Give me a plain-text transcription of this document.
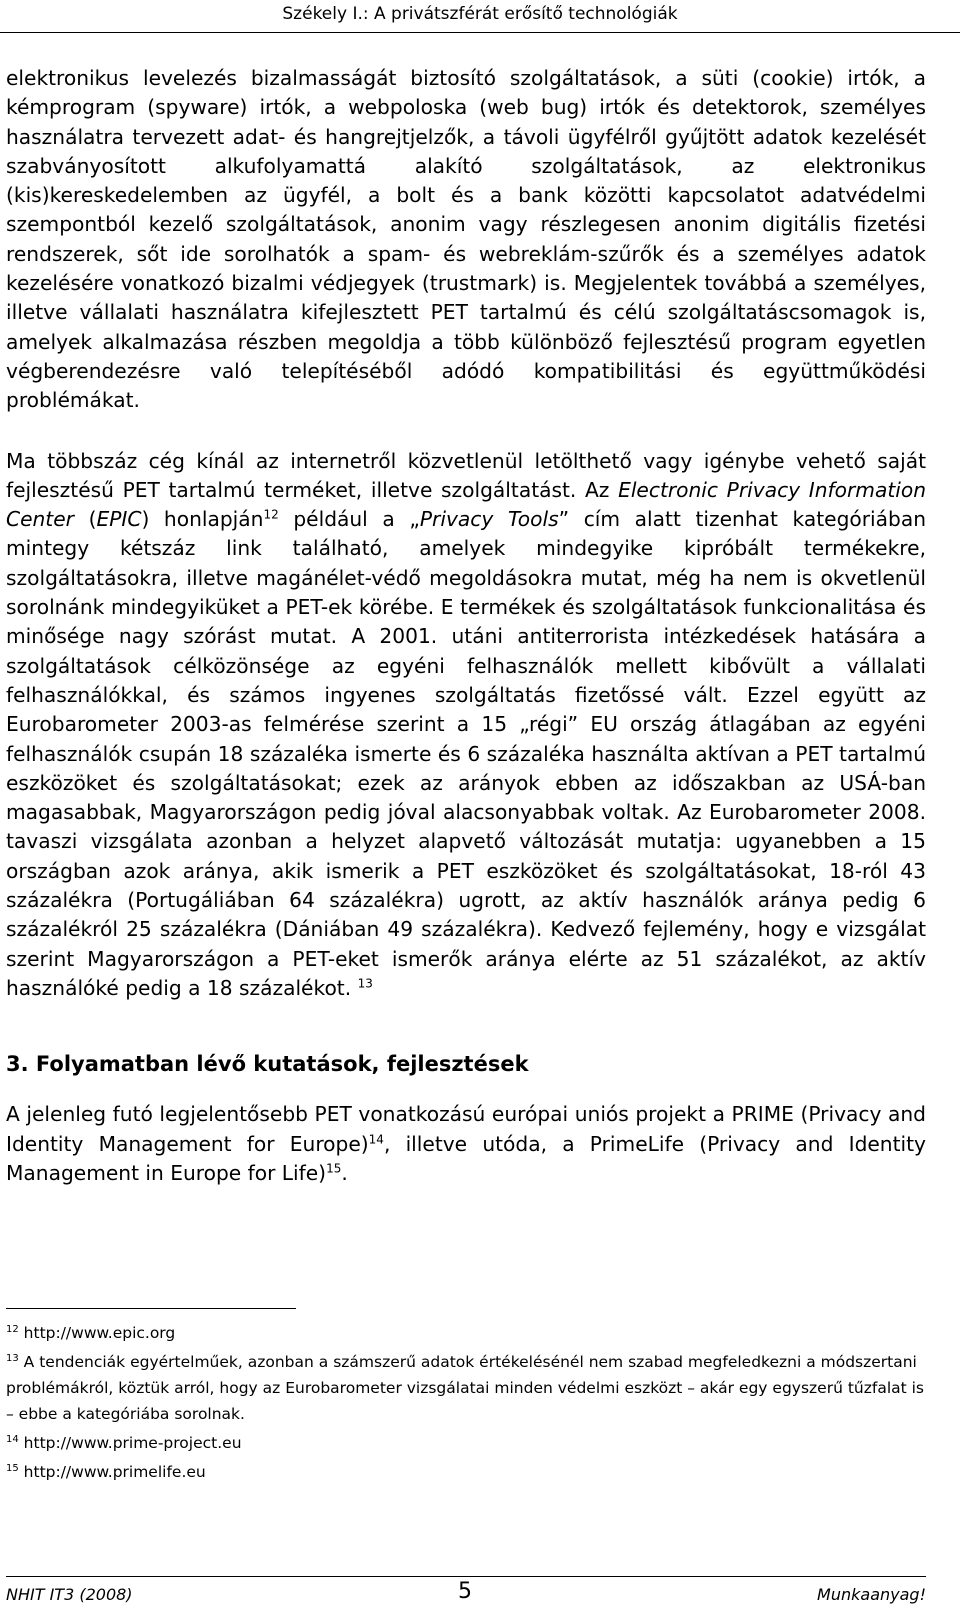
Székely I.: A privátszférát erősítő technológiák

elektronikus levelezés bizalmasságát biztosító szolgáltatások, a süti (cookie) irtók, a kémprogram (spyware) irtók, a webpoloska (web bug) irtók és detektorok, személyes használatra tervezett adat- és hangrejtjelzők, a távoli ügyfélről gyűjtött adatok kezelését szabványosított alkufolyamattá alakító szolgáltatások, az elektronikus (kis)kereskedelemben az ügyfél, a bolt és a bank közötti kapcsolatot adatvédelmi szempontból kezelő szolgáltatások, anonim vagy részlegesen anonim digitális fizetési rendszerek, sőt ide sorolhatók a spam- és webreklám-szűrők és a személyes adatok kezelésére vonatkozó bizalmi védjegyek (trustmark) is. Megjelentek továbbá a személyes, illetve vállalati használatra kifejlesztett PET tartalmú és célú szolgáltatáscsomagok is, amelyek alkalmazása részben megoldja a több különböző fejlesztésű program egyetlen végberendezésre való telepítéséből adódó kompatibilitási és együttműködési problémákat.

Ma többszáz cég kínál az internetről közvetlenül letölthető vagy igénybe vehető saját fejlesztésű PET tartalmú terméket, illetve szolgáltatást. Az Electronic Privacy Information Center (EPIC) honlapján$^{12}$ például a „Privacy Tools” cím alatt tizenhat kategóriában mintegy kétszáz link található, amelyek mindegyike kipróbált termékekre, szolgáltatásokra, illetve magánélet-védő megoldásokra mutat, még ha nem is okvetlenül sorolnánk mindegyiküket a PET-ek körébe. E termékek és szolgáltatások funkcionalitása és minősége nagy szórást mutat. A 2001. utáni antiterrorista intézkedések hatására a szolgáltatások célközönsége az egyéni felhasználók mellett kibővült a vállalati felhasználókkal, és számos ingyenes szolgáltatás fizetőssé vált. Ezzel együtt az Eurobarometer 2003-as felmérése szerint a 15 „régi” EU ország átlagában az egyéni felhasználók csupán 18 százaléka ismerte és 6 százaléka használta aktívan a PET tartalmú eszközöket és szolgáltatásokat; ezek az arányok ebben az időszakban az USÁ-ban magasabbak, Magyarországon pedig jóval alacsonyabbak voltak. Az Eurobarometer 2008. tavaszi vizsgálata azonban a helyzet alapvető változását mutatja: ugyanebben a 15 országban azok aránya, akik ismerik a PET eszközöket és szolgáltatásokat, 18-ról 43 százalékra (Portugáliában 64 százalékra) ugrott, az aktív használók aránya pedig 6 százalékról 25 százalékra (Dániában 49 százalékra). Kedvező fejlemény, hogy e vizsgálat szerint Magyarországon a PET-eket ismerők aránya elérte az 51 százalékot, az aktív használóké pedig a 18 százalékot. $^{13}$

3. Folyamatban lévő kutatások, fejlesztések

A jelenleg futó legjelentősebb PET vonatkozású európai uniós projekt a PRIME (Privacy and Identity Management for Europe)$^{14}$, illetve utóda, a PrimeLife (Privacy and Identity Management in Europe for Life)$^{15}$.

$^{12}$ http://www.epic.org

$^{13}$ A tendenciák egyértelműek, azonban a számszerű adatok értékelésénél nem szabad megfeledkezni a módszertani problémákról, köztük arról, hogy az Eurobarometer vizsgálatai minden védelmi eszközt – akár egy egyszerű tűzfalat is – ebbe a kategóriába sorolnak.

$^{14}$ http://www.prime-project.eu

$^{15}$ http://www.primelife.eu

NHIT IT3 (2008)	5	Munkaanyag!
